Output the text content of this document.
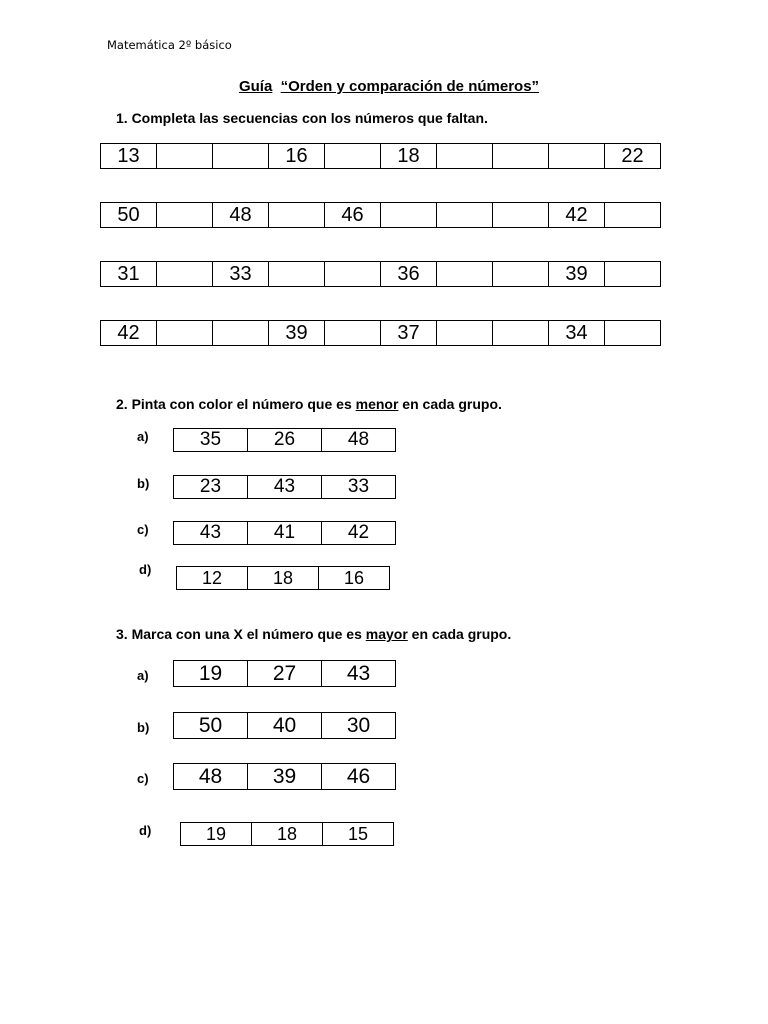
Matemática 2º básico
Guía “Orden y comparación de números”
1. Completa las secuencias con los números que faltan.
13			16		18				22
50		48		46				42	
31		33			36			39	
42			39		37			34	
2. Pinta con color el número que es menor en cada grupo.
a)	35	26	48
b)	23	43	33
c)	43	41	42
d)	12	18	16
3. Marca con una X el número que es mayor en cada grupo.
a) 19	27	43
b) 50	40	30
c) 48	39	46
d)	19	18	15
